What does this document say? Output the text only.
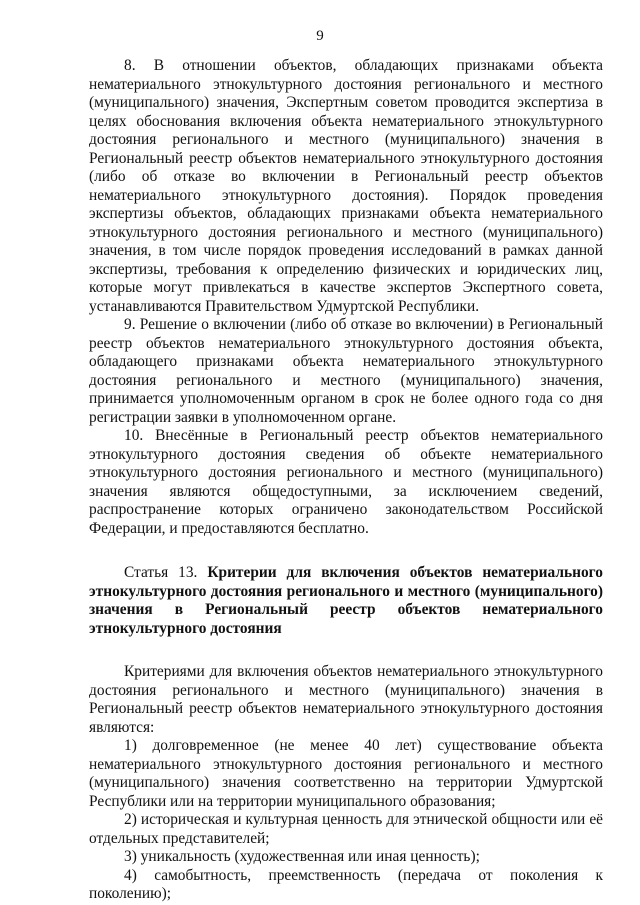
9

8. В отношении объектов, обладающих признаками объекта нематериального этнокультурного достояния регионального и местного (муниципального) значения, Экспертным советом проводится экспертиза в целях обоснования включения объекта нематериального этнокультурного достояния регионального и местного (муниципального) значения в Региональный реестр объектов нематериального этнокультурного достояния (либо об отказе во включении в Региональный реестр объектов нематериального этнокультурного достояния). Порядок проведения экспертизы объектов, обладающих признаками объекта нематериального этнокультурного достояния регионального и местного (муниципального) значения, в том числе порядок проведения исследований в рамках данной экспертизы, требования к определению физических и юридических лиц, которые могут привлекаться в качестве экспертов Экспертного совета, устанавливаются Правительством Удмуртской Республики.

9. Решение о включении (либо об отказе во включении) в Региональный реестр объектов нематериального этнокультурного достояния объекта, обладающего признаками объекта нематериального этнокультурного достояния регионального и местного (муниципального) значения, принимается уполномоченным органом в срок не более одного года со дня регистрации заявки в уполномоченном органе.

10. Внесённые в Региональный реестр объектов нематериального этнокультурного достояния сведения об объекте нематериального этнокультурного достояния регионального и местного (муниципального) значения являются общедоступными, за исключением сведений, распространение которых ограничено законодательством Российской Федерации, и предоставляются бесплатно.

Статья 13. Критерии для включения объектов нематериального этнокультурного достояния регионального и местного (муниципального) значения в Региональный реестр объектов нематериального этнокультурного достояния

Критериями для включения объектов нематериального этнокультурного достояния регионального и местного (муниципального) значения в Региональный реестр объектов нематериального этнокультурного достояния являются:

1) долговременное (не менее 40 лет) существование объекта нематериального этнокультурного достояния регионального и местного (муниципального) значения соответственно на территории Удмуртской Республики или на территории муниципального образования;

2) историческая и культурная ценность для этнической общности или её отдельных представителей;

3) уникальность (художественная или иная ценность);

4) самобытность, преемственность (передача от поколения к поколению);
